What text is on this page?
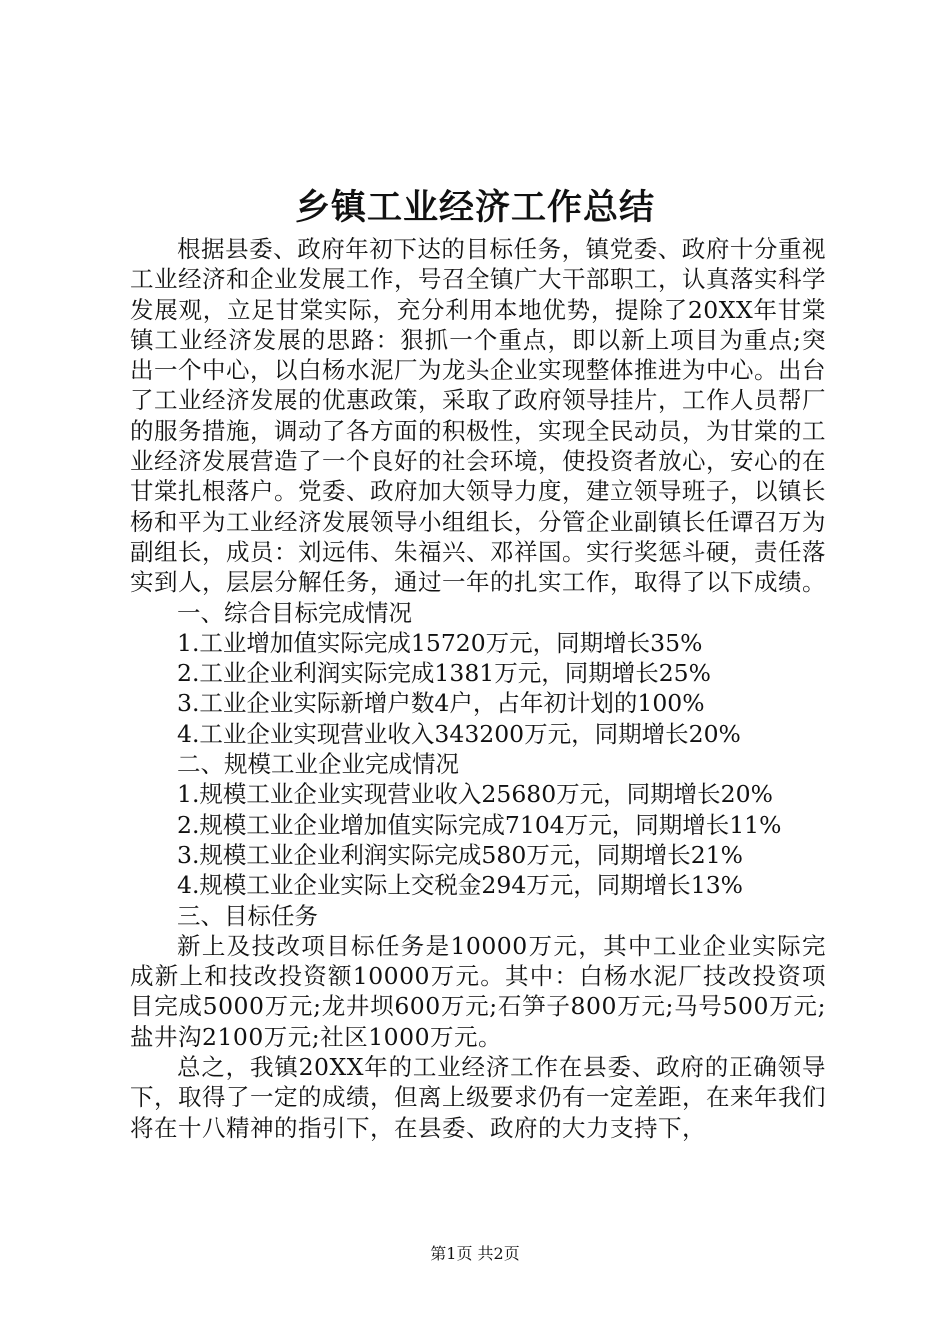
乡镇工业经济工作总结

根据县委、政府年初下达的目标任务，镇党委、政府十分重视工业经济和企业发展工作，号召全镇广大干部职工，认真落实科学发展观，立足甘棠实际，充分利用本地优势，提除了20XX年甘棠镇工业经济发展的思路：狠抓一个重点，即以新上项目为重点;突出一个中心，以白杨水泥厂为龙头企业实现整体推进为中心。出台了工业经济发展的优惠政策，采取了政府领导挂片，工作人员帮厂的服务措施，调动了各方面的积极性，实现全民动员，为甘棠的工业经济发展营造了一个良好的社会环境，使投资者放心，安心的在甘棠扎根落户。党委、政府加大领导力度，建立领导班子，以镇长杨和平为工业经济发展领导小组组长，分管企业副镇长任谭召万为副组长，成员：刘远伟、朱福兴、邓祥国。实行奖惩斗硬，责任落实到人，层层分解任务，通过一年的扎实工作，取得了以下成绩。

一、综合目标完成情况

1.工业增加值实际完成15720万元，同期增长35%

2.工业企业利润实际完成1381万元，同期增长25%

3.工业企业实际新增户数4户，占年初计划的100%

4.工业企业实现营业收入343200万元，同期增长20%

二、规模工业企业完成情况

1.规模工业企业实现营业收入25680万元，同期增长20%

2.规模工业企业增加值实际完成7104万元，同期增长11%

3.规模工业企业利润实际完成580万元，同期增长21%

4.规模工业企业实际上交税金294万元，同期增长13%

三、目标任务

新上及技改项目标任务是10000万元，其中工业企业实际完成新上和技改投资额10000万元。其中：白杨水泥厂技改投资项目完成5000万元;龙井坝600万元;石笋子800万元;马号500万元;盐井沟2100万元;社区1000万元。

总之，我镇20XX年的工业经济工作在县委、政府的正确领导下，取得了一定的成绩，但离上级要求仍有一定差距，在来年我们将在十八精神的指引下，在县委、政府的大力支持下，

第1页 共2页
